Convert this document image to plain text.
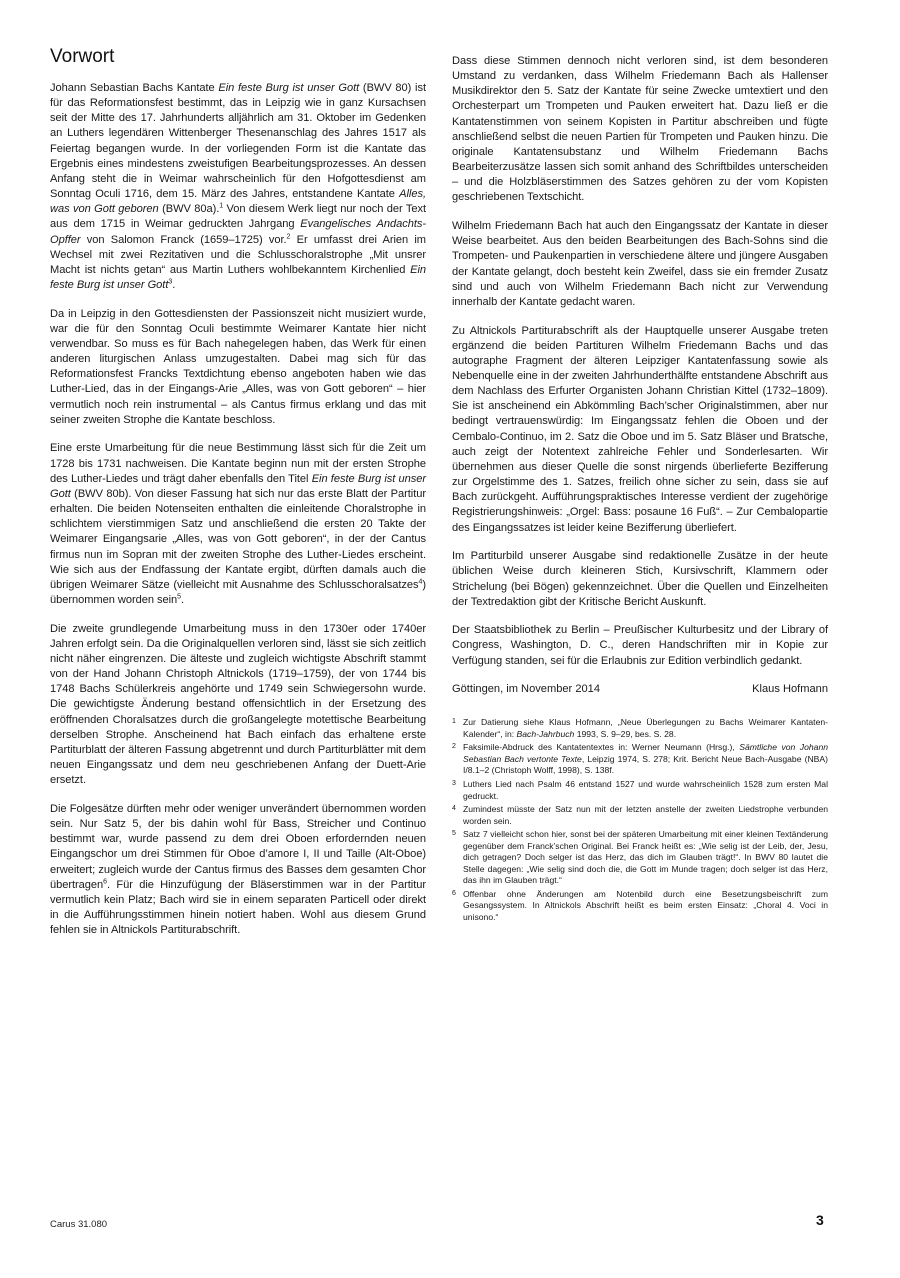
Vorwort

Johann Sebastian Bachs Kantate Ein feste Burg ist unser Gott (BWV 80) ist für das Reformationsfest bestimmt, das in Leipzig wie in ganz Kursachsen seit der Mitte des 17. Jahrhunderts alljährlich am 31. Oktober im Gedenken an Luthers legendären Wittenberger Thesenanschlag des Jahres 1517 als Feiertag begangen wurde. In der vorliegenden Form ist die Kantate das Ergebnis eines mindestens zweistufigen Bearbeitungsprozesses. An dessen Anfang steht die in Weimar wahrscheinlich für den Hofgottesdienst am Sonntag Oculi 1716, dem 15. März des Jahres, entstandene Kantate Alles, was von Gott geboren (BWV 80a).$^1$ Von diesem Werk liegt nur noch der Text aus dem 1715 in Weimar gedruckten Jahrgang Evangelisches Andachts-Opffer von Salomon Franck (1659–1725) vor.$^2$ Er umfasst drei Arien im Wechsel mit zwei Rezitativen und die Schlusschoralstrophe „Mit unsrer Macht ist nichts getan“ aus Martin Luthers wohlbekanntem Kirchenlied Ein feste Burg ist unser Gott$^3$.

Da in Leipzig in den Gottesdiensten der Passionszeit nicht musiziert wurde, war die für den Sonntag Oculi bestimmte Weimarer Kantate hier nicht verwendbar. So muss es für Bach nahegelegen haben, das Werk für einen anderen liturgischen Anlass umzugestalten. Dabei mag sich für das Reformationsfest Francks Textdichtung ebenso angeboten haben wie das Luther-Lied, das in der Eingangs-Arie „Alles, was von Gott geboren“ – hier vermutlich noch rein instrumental – als Cantus firmus erklang und das mit seiner zweiten Strophe die Kantate beschloss.

Eine erste Umarbeitung für die neue Bestimmung lässt sich für die Zeit um 1728 bis 1731 nachweisen. Die Kantate beginn nun mit der ersten Strophe des Luther-Liedes und trägt daher ebenfalls den Titel Ein feste Burg ist unser Gott (BWV 80b). Von dieser Fassung hat sich nur das erste Blatt der Partitur erhalten. Die beiden Notenseiten enthalten die einleitende Choralstrophe in schlichtem vierstimmigen Satz und anschließend die ersten 20 Takte der Weimarer Eingangsarie „Alles, was von Gott geboren“, in der der Cantus firmus nun im Sopran mit der zweiten Strophe des Luther-Liedes erscheint. Wie sich aus der Endfassung der Kantate ergibt, dürften damals auch die übrigen Weimarer Sätze (vielleicht mit Ausnahme des Schlusschoralsatzes$^4$) übernommen worden sein$^5$.

Die zweite grundlegende Umarbeitung muss in den 1730er oder 1740er Jahren erfolgt sein. Da die Originalquellen verloren sind, lässt sie sich zeitlich nicht näher eingrenzen. Die älteste und zugleich wichtigste Abschrift stammt von der Hand Johann Christoph Altnickols (1719–1759), der von 1744 bis 1748 Bachs Schülerkreis angehörte und 1749 sein Schwiegersohn wurde. Die gewichtigste Änderung bestand offensichtlich in der Ersetzung des eröffnenden Choralsatzes durch die großangelegte motettische Bearbeitung derselben Strophe. Anscheinend hat Bach einfach das erhaltene erste Partiturblatt der älteren Fassung abgetrennt und durch Partiturblätter mit dem neuen Eingangssatz und dem neu geschriebenen Anfang der Duett-Arie ersetzt.

Die Folgesätze dürften mehr oder weniger unverändert übernommen worden sein. Nur Satz 5, der bis dahin wohl für Bass, Streicher und Continuo bestimmt war, wurde passend zu dem drei Oboen erfordernden neuen Eingangschor um drei Stimmen für Oboe d’amore I, II und Taille (Alt-Oboe) erweitert; zugleich wurde der Cantus firmus des Basses dem gesamten Chor übertragen$^6$. Für die Hinzufügung der Bläserstimmen war in der Partitur vermutlich kein Platz; Bach wird sie in einem separaten Particell oder direkt in die Aufführungsstimmen hinein notiert haben. Wohl aus diesem Grund fehlen sie in Altnickols Partiturabschrift.

Dass diese Stimmen dennoch nicht verloren sind, ist dem besonderen Umstand zu verdanken, dass Wilhelm Friedemann Bach als Hallenser Musikdirektor den 5. Satz der Kantate für seine Zwecke umtextiert und den Orchesterpart um Trompeten und Pauken erweitert hat. Dazu ließ er die Kantatenstimmen von seinem Kopisten in Partitur abschreiben und fügte anschließend selbst die neuen Partien für Trompeten und Pauken hinzu. Die originale Kantatensubstanz und Wilhelm Friedemann Bachs Bearbeiterzusätze lassen sich somit anhand des Schriftbildes unterscheiden – und die Holzbläserstimmen des Satzes gehören zu der vom Kopisten geschriebenen Textschicht.

Wilhelm Friedemann Bach hat auch den Eingangssatz der Kantate in dieser Weise bearbeitet. Aus den beiden Bearbeitungen des Bach-Sohns sind die Trompeten- und Paukenpartien in verschiedene ältere und jüngere Ausgaben der Kantate gelangt, doch besteht kein Zweifel, dass sie ein fremder Zusatz sind und auch von Wilhelm Friedemann Bach nicht zur Verwendung innerhalb der Kantate gedacht waren.

Zu Altnickols Partiturabschrift als der Hauptquelle unserer Ausgabe treten ergänzend die beiden Partituren Wilhelm Friedemann Bachs und das autographe Fragment der älteren Leipziger Kantatenfassung sowie als Nebenquelle eine in der zweiten Jahrhunderthälfte entstandene Abschrift aus dem Nachlass des Erfurter Organisten Johann Christian Kittel (1732–1809). Sie ist anscheinend ein Abkömmling Bach’scher Originalstimmen, aber nur bedingt vertrauenswürdig: Im Eingangssatz fehlen die Oboen und der Cembalo-Continuo, im 2. Satz die Oboe und im 5. Satz Bläser und Bratsche, auch zeigt der Notentext zahlreiche Fehler und Sonderlesarten. Wir übernehmen aus dieser Quelle die sonst nirgends überlieferte Bezifferung zur Orgelstimme des 1. Satzes, freilich ohne sicher zu sein, dass sie auf Bach zurückgeht. Aufführungspraktisches Interesse verdient der zugehörige Registrierungshinweis: „Orgel: Bass: posaune 16 Fuß“. – Zur Cembalopartie des Eingangssatzes ist leider keine Bezifferung überliefert.

Im Partiturbild unserer Ausgabe sind redaktionelle Zusätze in der heute üblichen Weise durch kleineren Stich, Kursivschrift, Klammern oder Strichelung (bei Bögen) gekennzeichnet. Über die Quellen und Einzelheiten der Textredaktion gibt der Kritische Bericht Auskunft.

Der Staatsbibliothek zu Berlin – Preußischer Kulturbesitz und der Library of Congress, Washington, D. C., deren Handschriften mir in Kopie zur Verfügung standen, sei für die Erlaubnis zur Edition verbindlich gedankt.

Göttingen, im November 2014	Klaus Hofmann
1 Zur Datierung siehe Klaus Hofmann, „Neue Überlegungen zu Bachs Weimarer Kantaten-Kalender“, in: Bach-Jahrbuch 1993, S. 9–29, bes. S. 28.
2 Faksimile-Abdruck des Kantatentextes in: Werner Neumann (Hrsg.), Sämtliche von Johann Sebastian Bach vertonte Texte, Leipzig 1974, S. 278; Krit. Bericht Neue Bach-Ausgabe (NBA) I/8.1–2 (Christoph Wolff, 1998), S. 138f.
3 Luthers Lied nach Psalm 46 entstand 1527 und wurde wahrscheinlich 1528 zum ersten Mal gedruckt.
4 Zumindest müsste der Satz nun mit der letzten anstelle der zweiten Liedstrophe verbunden worden sein.
5 Satz 7 vielleicht schon hier, sonst bei der späteren Umarbeitung mit einer kleinen Textänderung gegenüber dem Franck’schen Original. Bei Franck heißt es: „Wie selig ist der Leib, der, Jesu, dich getragen? Doch selger ist das Herz, das dich im Glauben trägt!“. In BWV 80 lautet die Stelle dagegen: „Wie selig sind doch die, die Gott im Munde tragen; doch selger ist das Herz, das ihn im Glauben trägt.“
6 Offenbar ohne Änderungen am Notenbild durch eine Besetzungsbeischrift zum Gesangssystem. In Altnickols Abschrift heißt es beim ersten Einsatz: „Choral 4. Voci in unisono.“
Carus 31.080	3
